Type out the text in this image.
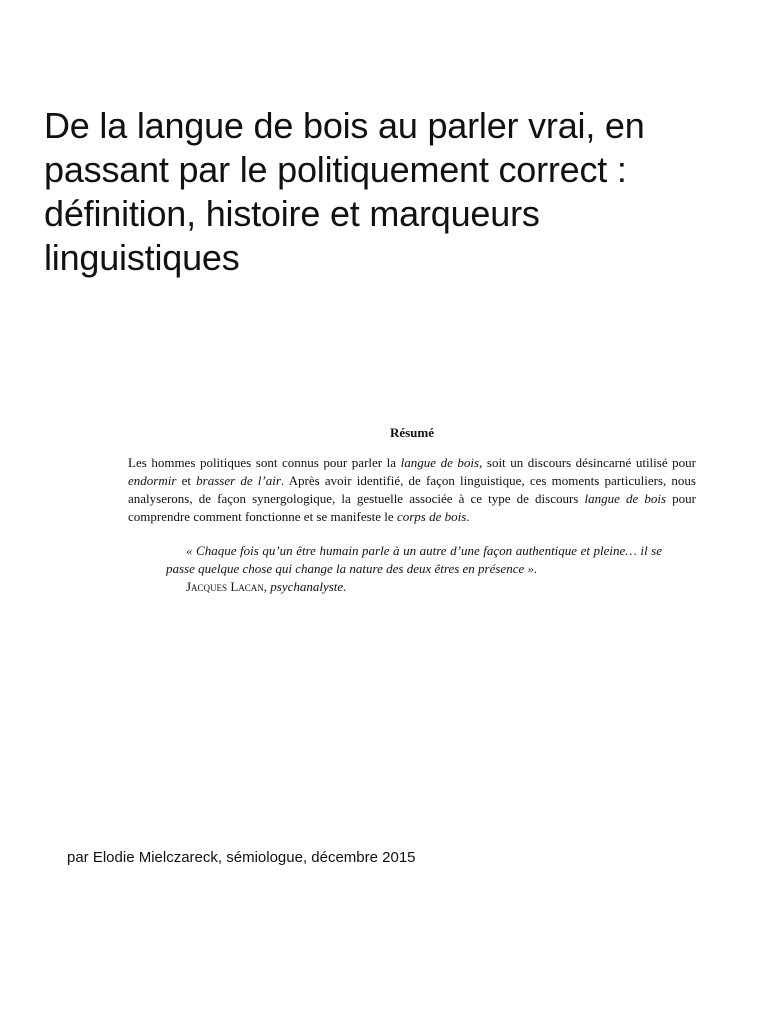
De la langue de bois au parler vrai, en passant par le politiquement correct : définition, histoire et marqueurs linguistiques
Résumé

Les hommes politiques sont connus pour parler la langue de bois, soit un discours désincarné utilisé pour endormir et brasser de l’air. Après avoir identifié, de façon linguistique, ces moments particuliers, nous analyserons, de façon synergologique, la gestuelle associée à ce type de discours langue de bois pour comprendre comment fonctionne et se manifeste le corps de bois.

« Chaque fois qu’un être humain parle à un autre d’une façon authentique et pleine… il se passe quelque chose qui change la nature des deux êtres en présence ».
Jacques Lacan, psychanalyste.

par Elodie Mielczareck, sémiologue, décembre 2015
